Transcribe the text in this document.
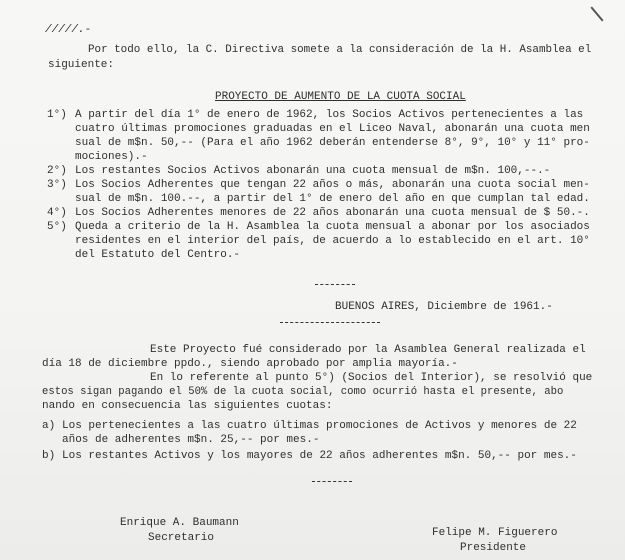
/////.-
Por todo ello, la C. Directiva somete a la consideración de la H. Asamblea el
siguiente:
PROYECTO DE AUMENTO DE LA CUOTA SOCIAL
1°) A partir del día 1° de enero de 1962, los Socios Activos pertenecientes a las
cuatro últimas promociones graduadas en el Liceo Naval, abonarán una cuota men
sual de m$n. 50,-- (Para el año 1962 deberán entenderse 8°, 9°, 10° y 11° pro-
mociones).-
2°) Los restantes Socios Activos abonarán una cuota mensual de m$n. 100,--.-
3°) Los Socios Adherentes que tengan 22 años o más, abonarán una cuota social men-
sual de m$n. 100.--, a partir del 1° de enero del año en que cumplan tal edad.
4°) Los Socios Adherentes menores de 22 años abonarán una cuota mensual de $ 50.-.
5°) Queda a criterio de la H. Asamblea la cuota mensual a abonar por los asociados
residentes en el interior del país, de acuerdo a lo establecido en el art. 10°
del Estatuto del Centro.-
BUENOS AIRES, Diciembre de 1961.-
Este Proyecto fué considerado por la Asamblea General realizada el
día 18 de diciembre ppdo., siendo aprobado por amplia mayoría.-
En lo referente al punto 5°) (Socios del Interior), se resolvió que
estos sigan pagando el 50% de la cuota social, como ocurrió hasta el presente, abo
nando en consecuencia las siguientes cuotas:
a) Los pertenecientes a las cuatro últimas promociones de Activos y menores de 22
años de adherentes m$n. 25,-- por mes.-
b) Los restantes Activos y los mayores de 22 años adherentes m$n. 50,-- por mes.-
Enrique A. Baumann
Secretario	Felipe M. Figuerero
Presidente
